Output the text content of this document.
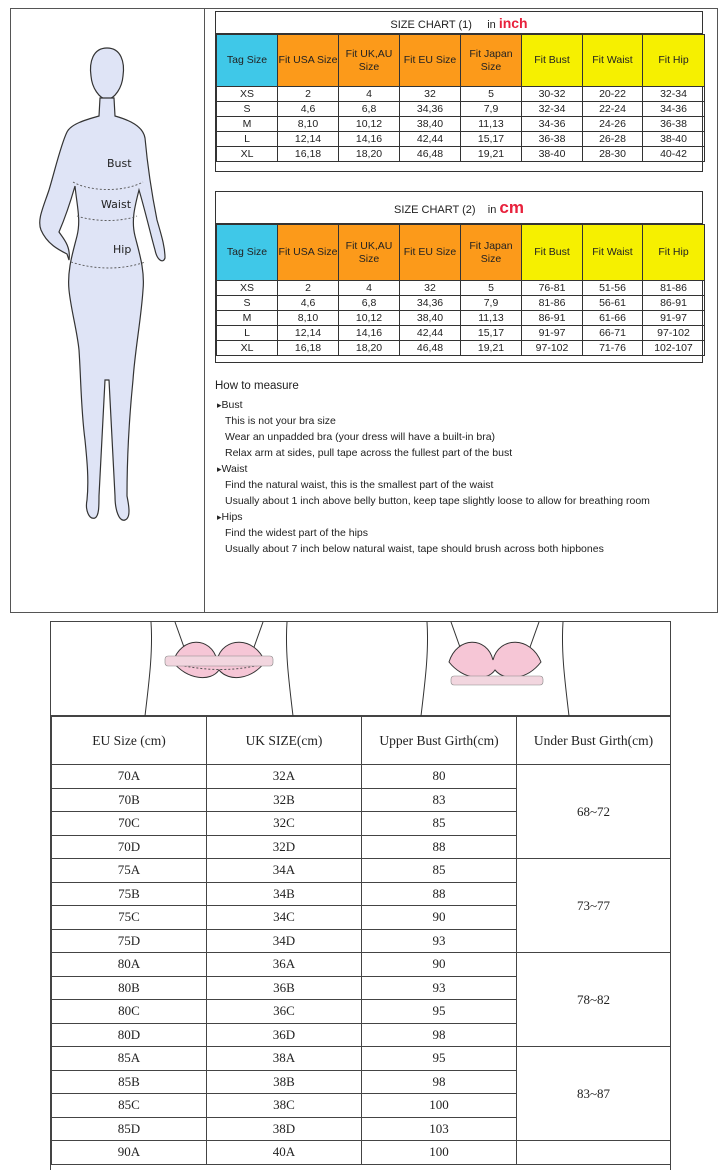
Bust
Waist
Hip
SIZE CHART (1) in inch
Tag Size	Fit USA Size	Fit UK,AU Size	Fit EU Size	Fit Japan Size	Fit Bust	Fit Waist	Fit Hip
XS	2	4	32	5	30-32	20-22	32-34
S	4,6	6,8	34,36	7,9	32-34	22-24	34-36
M	8,10	10,12	38,40	11,13	34-36	24-26	36-38
L	12,14	14,16	42,44	15,17	36-38	26-28	38-40
XL	16,18	18,20	46,48	19,21	38-40	28-30	40-42
SIZE CHART (2) in cm
Tag Size	Fit USA Size	Fit UK,AU Size	Fit EU Size	Fit Japan Size	Fit Bust	Fit Waist	Fit Hip
XS	2	4	32	5	76-81	51-56	81-86
S	4,6	6,8	34,36	7,9	81-86	56-61	86-91
M	8,10	10,12	38,40	11,13	86-91	61-66	91-97
L	12,14	14,16	42,44	15,17	91-97	66-71	97-102
XL	16,18	18,20	46,48	19,21	97-102	71-76	102-107
How to measure
▸ Bust
This is not your bra size
Wear an unpadded bra (your dress will have a built-in bra)
Relax arm at sides, pull tape across the fullest part of the bust
▸ Waist
Find the natural waist, this is the smallest part of the waist
Usually about 1 inch above belly button, keep tape slightly loose to allow for breathing room
▸ Hips
Find the widest part of the hips
Usually about 7 inch below natural waist, tape should brush across both hipbones
EU Size (cm)	UK SIZE(cm)	Upper Bust Girth(cm)	Under Bust Girth(cm)
70A	32A	80	68~72
70B	32B	83	
70C	32C	85	
70D	32D	88	
75A	34A	85	73~77
75B	34B	88	
75C	34C	90	
75D	34D	93	
80A	36A	90	78~82
80B	36B	93	
80C	36C	95	
80D	36D	98	
85A	38A	95	83~87
85B	38B	98	
85C	38C	100	
85D	38D	103	
90A	40A	100	
